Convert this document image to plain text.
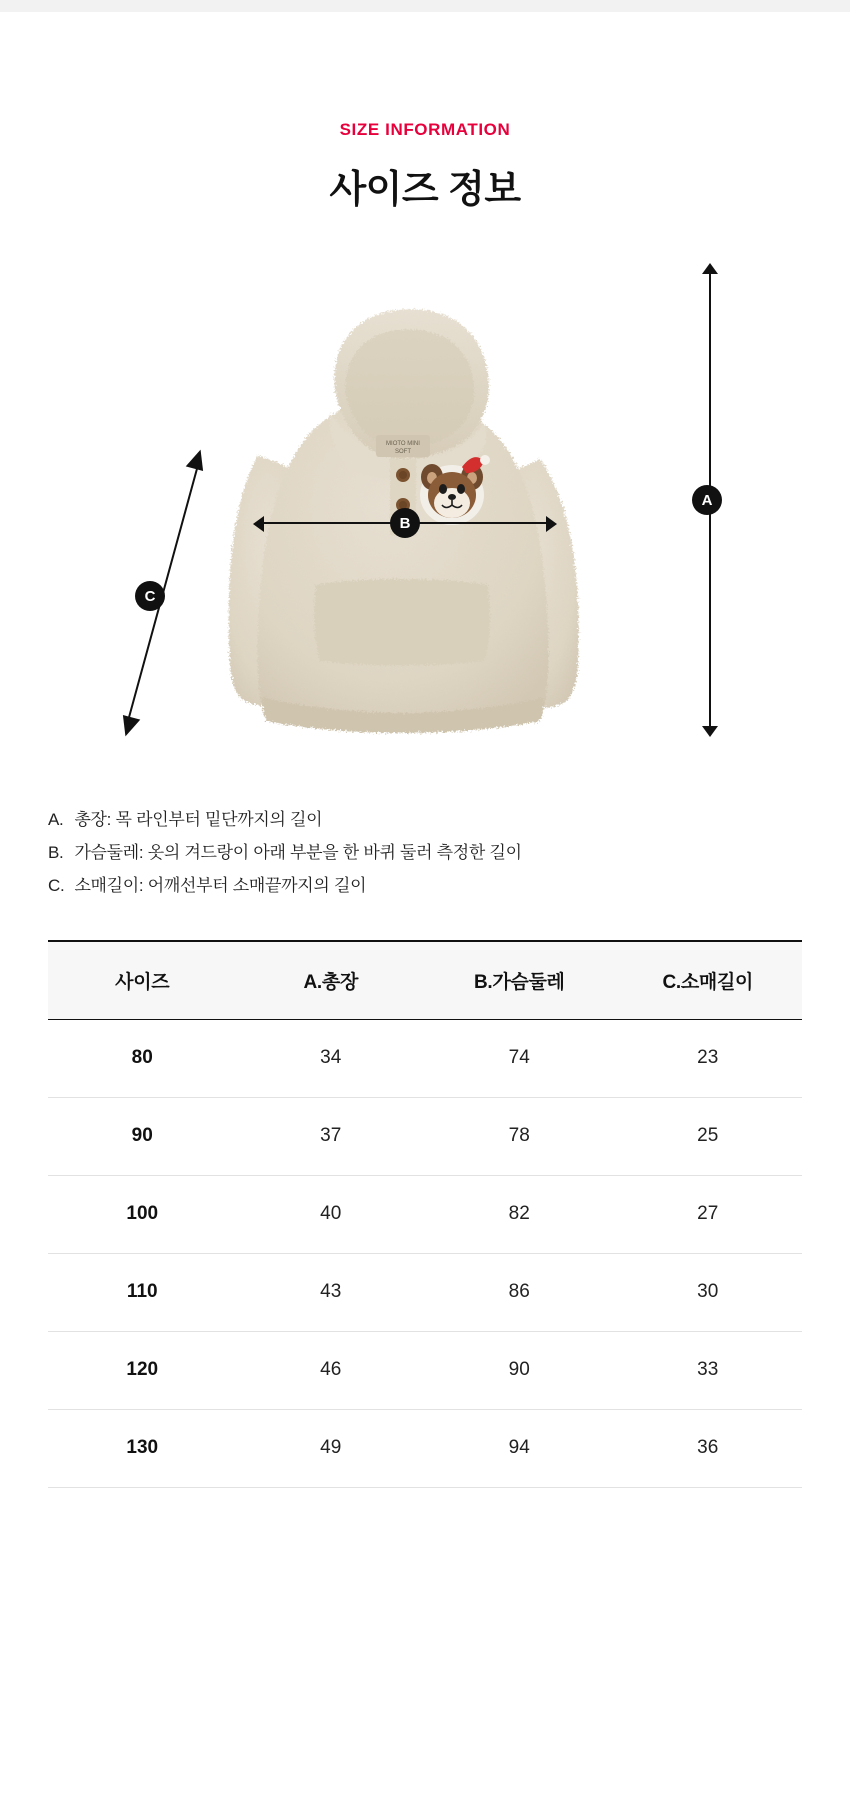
SIZE INFORMATION
사이즈 정보
MIOTO MINI
SOFT
A
B
C
A. 총장: 목 라인부터 밑단까지의 길이
B. 가슴둘레: 옷의 겨드랑이 아래 부분을 한 바퀴 둘러 측정한 길이
C. 소매길이: 어깨선부터 소매끝까지의 길이
사이즈	A.총장	B.가슴둘레	C.소매길이
80	34	74	23
90	37	78	25
100	40	82	27
110	43	86	30
120	46	90	33
130	49	94	36
